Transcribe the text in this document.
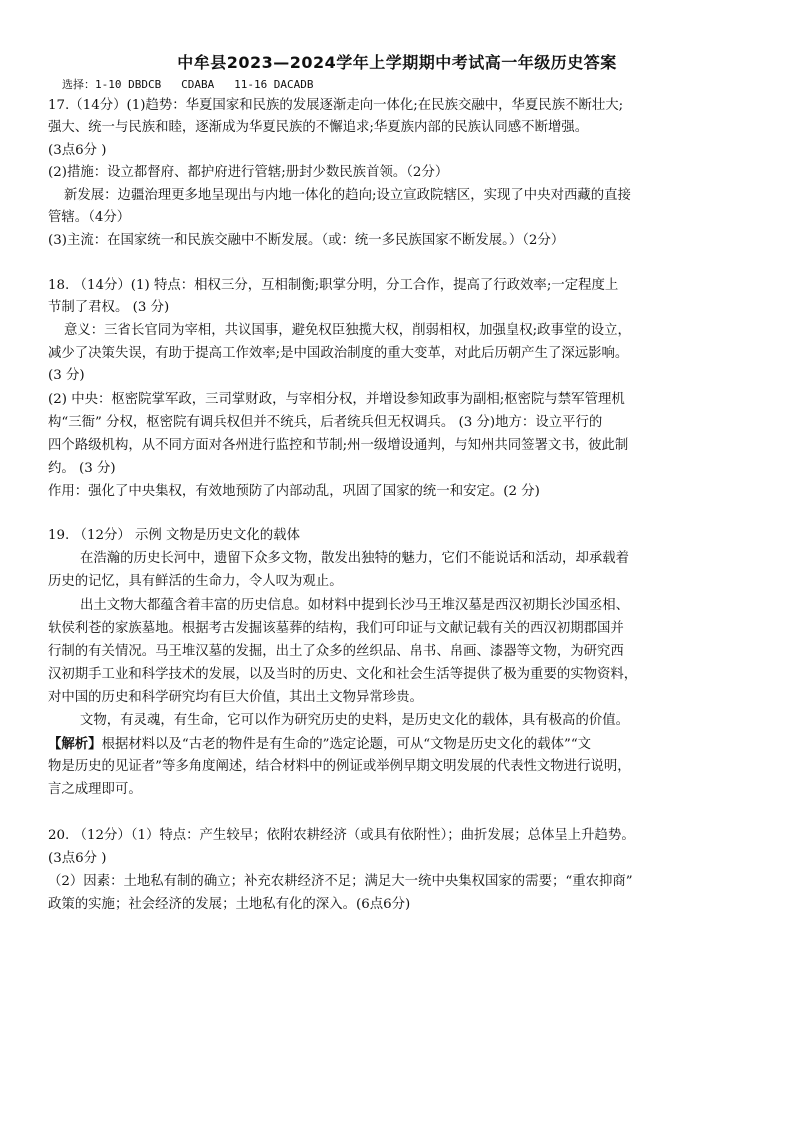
中牟县2023—2024学年上学期期中考试高一年级历史答案
选择：1-10 DBDCB   CDABA   11-16 DACADB
17.（14分）(1)趋势：华夏国家和民族的发展逐渐走向一体化;在民族交融中，华夏民族不断壮大;
强大、统一与民族和睦，逐渐成为华夏民族的不懈追求;华夏族内部的民族认同感不断增强。
(3点6分 )
(2)措施：设立都督府、都护府进行管辖;册封少数民族首领。（2分）
新发展：边疆治理更多地呈现出与内地一体化的趋向;设立宣政院辖区，实现了中央对西藏的直接
管辖。（4分）
(3)主流：在国家统一和民族交融中不断发展。（或：统一多民族国家不断发展。）（2分）
18. （14分）(1) 特点：相权三分，互相制衡;职掌分明，分工合作，提高了行政效率;一定程度上
节制了君权。 (3 分)
意义：三省长官同为宰相，共议国事，避免权臣独揽大权，削弱相权，加强皇权;政事堂的设立，
减少了决策失误，有助于提高工作效率;是中国政治制度的重大变革，对此后历朝产生了深远影响。
(3 分)
(2) 中央：枢密院掌军政，三司掌财政，与宰相分权，并增设参知政事为副相;枢密院与禁军管理机
构“三衙” 分权，枢密院有调兵权但并不统兵，后者统兵但无权调兵。 (3 分)地方：设立平行的
四个路级机构，从不同方面对各州进行监控和节制;州一级增设通判，与知州共同签署文书，彼此制
约。 (3 分)
作用：强化了中央集权，有效地预防了内部动乱，巩固了国家的统一和安定。(2 分)
19. （12分） 示例 文物是历史文化的载体
在浩瀚的历史长河中，遗留下众多文物，散发出独特的魅力，它们不能说话和活动，却承载着
历史的记忆，具有鲜活的生命力，令人叹为观止。
出土文物大都蕴含着丰富的历史信息。如材料中提到长沙马王堆汉墓是西汉初期长沙国丞相、
轪侯利苍的家族墓地。根据考古发掘该墓葬的结构，我们可印证与文献记载有关的西汉初期郡国并
行制的有关情况。马王堆汉墓的发掘，出土了众多的丝织品、帛书、帛画、漆器等文物，为研究西
汉初期手工业和科学技术的发展，以及当时的历史、文化和社会生活等提供了极为重要的实物资料，
对中国的历史和科学研究均有巨大价值，其出土文物异常珍贵。
文物，有灵魂，有生命，它可以作为研究历史的史料，是历史文化的载体，具有极高的价值。
【解析】根据材料以及“古老的物件是有生命的”选定论题，可从“文物是历史文化的载体”“文
物是历史的见证者”等多角度阐述，结合材料中的例证或举例早期文明发展的代表性文物进行说明，
言之成理即可。
20. （12分）（1）特点：产生较早；依附农耕经济（或具有依附性）；曲折发展；总体呈上升趋势。
(3点6分 )
（2）因素：土地私有制的确立；补充农耕经济不足；满足大一统中央集权国家的需要；“重农抑商”
政策的实施；社会经济的发展；土地私有化的深入。(6点6分)
